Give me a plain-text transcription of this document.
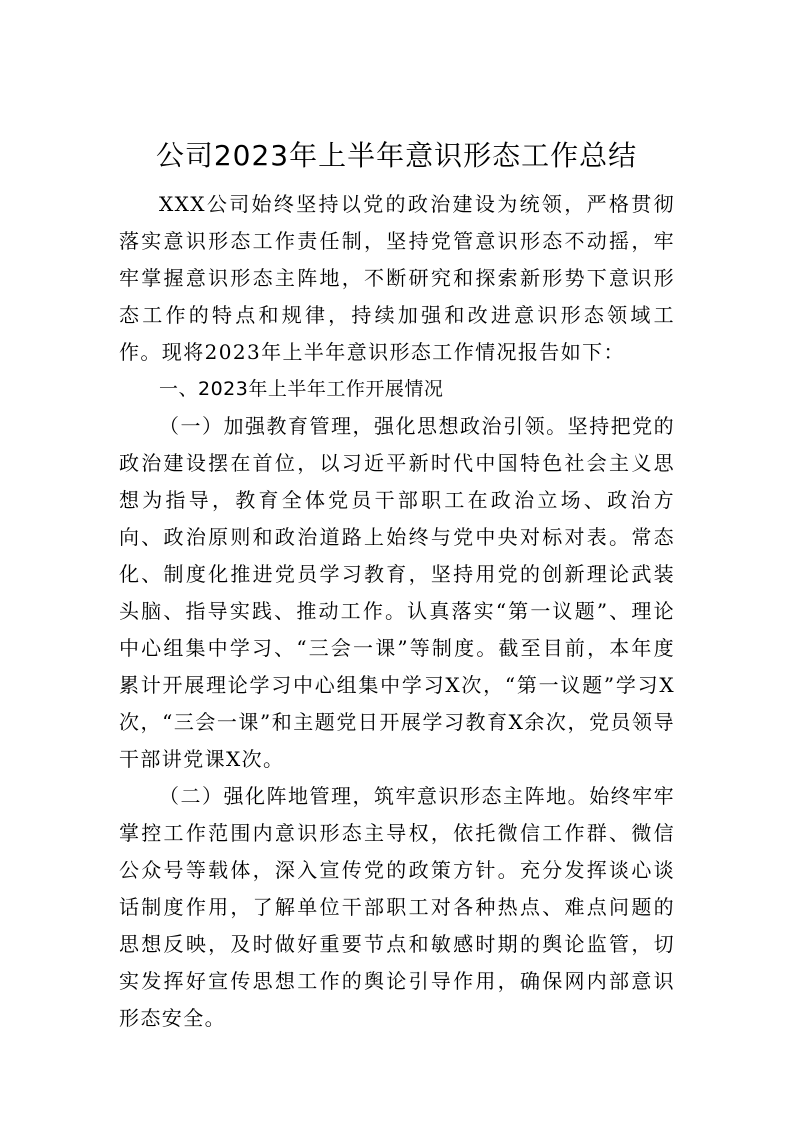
公司2023年上半年意识形态工作总结

XXX公司始终坚持以党的政治建设为统领，严格贯彻落实意识形态工作责任制，坚持党管意识形态不动摇，牢牢掌握意识形态主阵地，不断研究和探索新形势下意识形态工作的特点和规律，持续加强和改进意识形态领域工作。现将2023年上半年意识形态工作情况报告如下：

一、2023年上半年工作开展情况

（一）加强教育管理，强化思想政治引领。坚持把党的政治建设摆在首位，以习近平新时代中国特色社会主义思想为指导，教育全体党员干部职工在政治立场、政治方向、政治原则和政治道路上始终与党中央对标对表。常态化、制度化推进党员学习教育，坚持用党的创新理论武装头脑、指导实践、推动工作。认真落实“第一议题”、理论中心组集中学习、“三会一课”等制度。截至目前，本年度累计开展理论学习中心组集中学习X次，“第一议题”学习X次，“三会一课”和主题党日开展学习教育X余次，党员领导干部讲党课X次。

（二）强化阵地管理，筑牢意识形态主阵地。始终牢牢掌控工作范围内意识形态主导权，依托微信工作群、微信公众号等载体，深入宣传党的政策方针。充分发挥谈心谈话制度作用，了解单位干部职工对各种热点、难点问题的思想反映，及时做好重要节点和敏感时期的舆论监管，切实发挥好宣传思想工作的舆论引导作用，确保网内部意识形态安全。
